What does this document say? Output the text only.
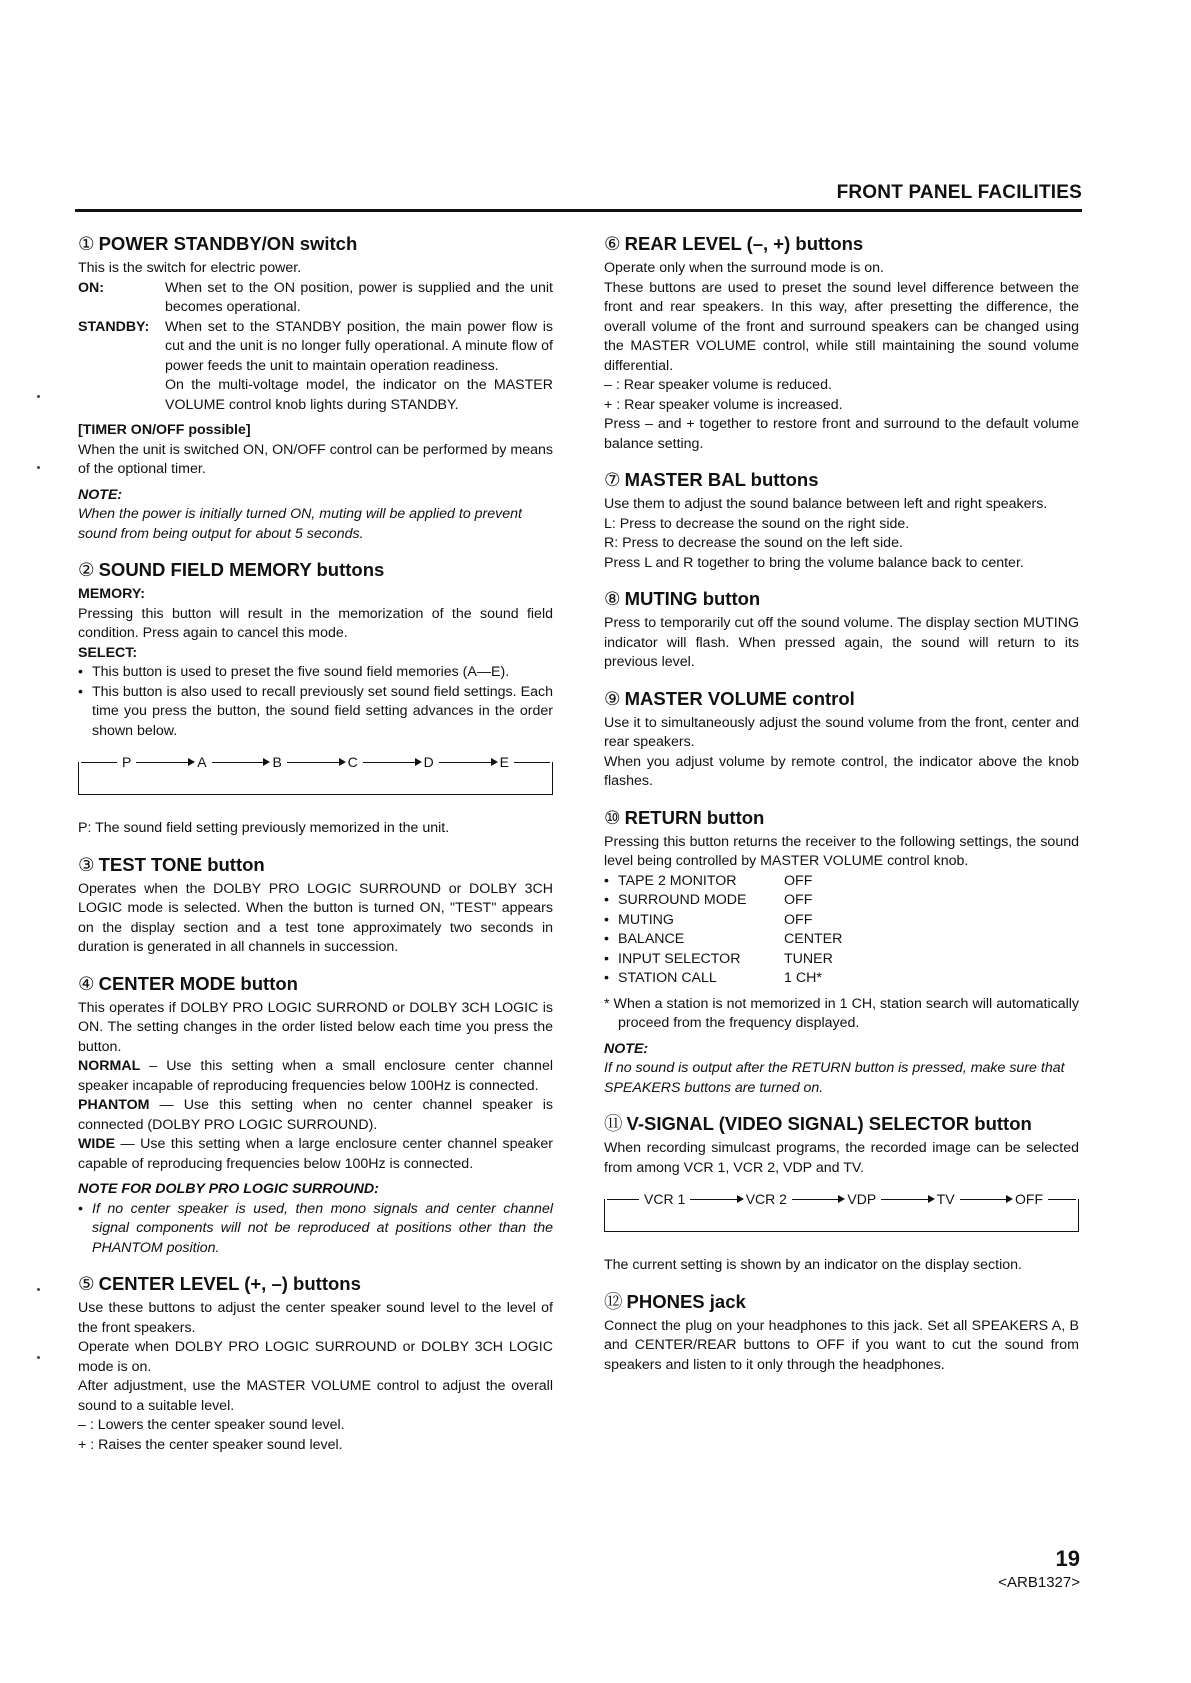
FRONT PANEL FACILITIES
① POWER STANDBY/ON switch

This is the switch for electric power.

ON:	When set to the ON position, power is supplied and the unit becomes operational.
STANDBY:	When set to the STANDBY position, the main power flow is cut and the unit is no longer fully operational. A minute flow of power feeds the unit to maintain operation readiness.
On the multi-voltage model, the indicator on the MASTER VOLUME control knob lights during STANDBY.

[TIMER ON/OFF possible]

When the unit is switched ON, ON/OFF control can be performed by means of the optional timer.

NOTE:

When the power is initially turned ON, muting will be applied to prevent sound from being output for about 5 seconds.

② SOUND FIELD MEMORY buttons

MEMORY:

Pressing this button will result in the memorization of the sound field condition. Press again to cancel this mode.

SELECT:

• This button is used to preset the five sound field memories (A—E).
• This button is also used to recall previously set sound field settings. Each time you press the button, the sound field setting advances in the order shown below.
P	A	B	C	D	E

P: The sound field setting previously memorized in the unit.

③ TEST TONE button

Operates when the DOLBY PRO LOGIC SURROUND or DOLBY 3CH LOGIC mode is selected. When the button is turned ON, "TEST" appears on the display section and a test tone approximately two seconds in duration is generated in all channels in succession.

④ CENTER MODE button

This operates if DOLBY PRO LOGIC SURROND or DOLBY 3CH LOGIC is ON. The setting changes in the order listed below each time you press the button.

NORMAL – Use this setting when a small enclosure center channel speaker incapable of reproducing frequencies below 100Hz is connected.

PHANTOM — Use this setting when no center channel speaker is connected (DOLBY PRO LOGIC SURROUND).

WIDE — Use this setting when a large enclosure center channel speaker capable of reproducing frequencies below 100Hz is connected.

NOTE FOR DOLBY PRO LOGIC SURROUND:

• If no center speaker is used, then mono signals and center channel signal components will not be reproduced at positions other than the PHANTOM position.
⑤ CENTER LEVEL (+, –) buttons

Use these buttons to adjust the center speaker sound level to the level of the front speakers.

Operate when DOLBY PRO LOGIC SURROUND or DOLBY 3CH LOGIC mode is on.

After adjustment, use the MASTER VOLUME control to adjust the overall sound to a suitable level.

– : Lowers the center speaker sound level.

+ : Raises the center speaker sound level.

⑥ REAR LEVEL (–, +) buttons

Operate only when the surround mode is on.

These buttons are used to preset the sound level difference between the front and rear speakers. In this way, after presetting the difference, the overall volume of the front and surround speakers can be changed using the MASTER VOLUME control, while still maintaining the sound volume differential.

– : Rear speaker volume is reduced.

+ : Rear speaker volume is increased.

Press – and + together to restore front and surround to the default volume balance setting.

⑦ MASTER BAL buttons

Use them to adjust the sound balance between left and right speakers.

L: Press to decrease the sound on the right side.

R: Press to decrease the sound on the left side.

Press L and R together to bring the volume balance back to center.

⑧ MUTING button

Press to temporarily cut off the sound volume. The display section MUTING indicator will flash. When pressed again, the sound will return to its previous level.

⑨ MASTER VOLUME control

Use it to simultaneously adjust the sound volume from the front, center and rear speakers.

When you adjust volume by remote control, the indicator above the knob flashes.

⑩ RETURN button

Pressing this button returns the receiver to the following settings, the sound level being controlled by MASTER VOLUME control knob.

• TAPE 2 MONITOR	OFF
• SURROUND MODE	OFF
• MUTING	OFF
• BALANCE	CENTER
• INPUT SELECTOR	TUNER
• STATION CALL	1 CH*

* When a station is not memorized in 1 CH, station search will automatically proceed from the frequency displayed.

NOTE:

If no sound is output after the RETURN button is pressed, make sure that SPEAKERS buttons are turned on.

⑪ V-SIGNAL (VIDEO SIGNAL) SELECTOR button

When recording simulcast programs, the recorded image can be selected from among VCR 1, VCR 2, VDP and TV.

VCR 1	VCR 2	VDP	TV	OFF

The current setting is shown by an indicator on the display section.

⑫ PHONES jack

Connect the plug on your headphones to this jack. Set all SPEAKERS A, B and CENTER/REAR buttons to OFF if you want to cut the sound from speakers and listen to it only through the headphones.

19
<ARB1327>
